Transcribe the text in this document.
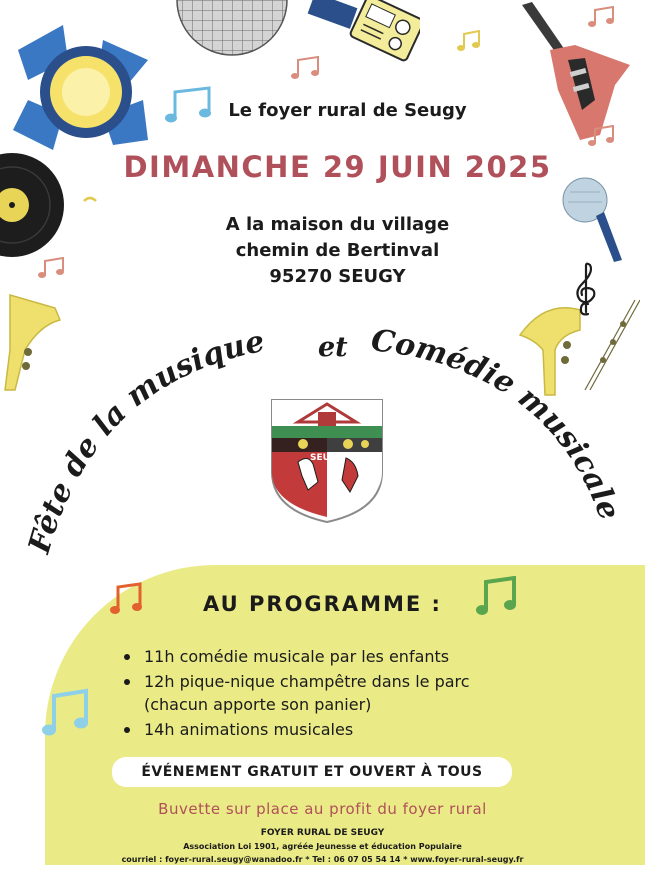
Le foyer rural de Seugy
DIMANCHE 29 JUIN 2025
A la maison du village
chemin de Bertinval
95270 SEUGY
Fête de la musique et Comédie musicale
SEUGY
AU PROGRAMME :
11h comédie musicale par les enfants
12h pique-nique champêtre dans le parc (chacun apporte son panier)
14h animations musicales
ÉVÉNEMENT GRATUIT ET OUVERT À TOUS
Buvette sur place au profit du foyer rural
FOYER RURAL DE SEUGY
Association Loi 1901, agréée Jeunesse et éducation Populaire
courriel : foyer-rural.seugy@wanadoo.fr * Tel : 06 07 05 54 14 * www.foyer-rural-seugy.fr
